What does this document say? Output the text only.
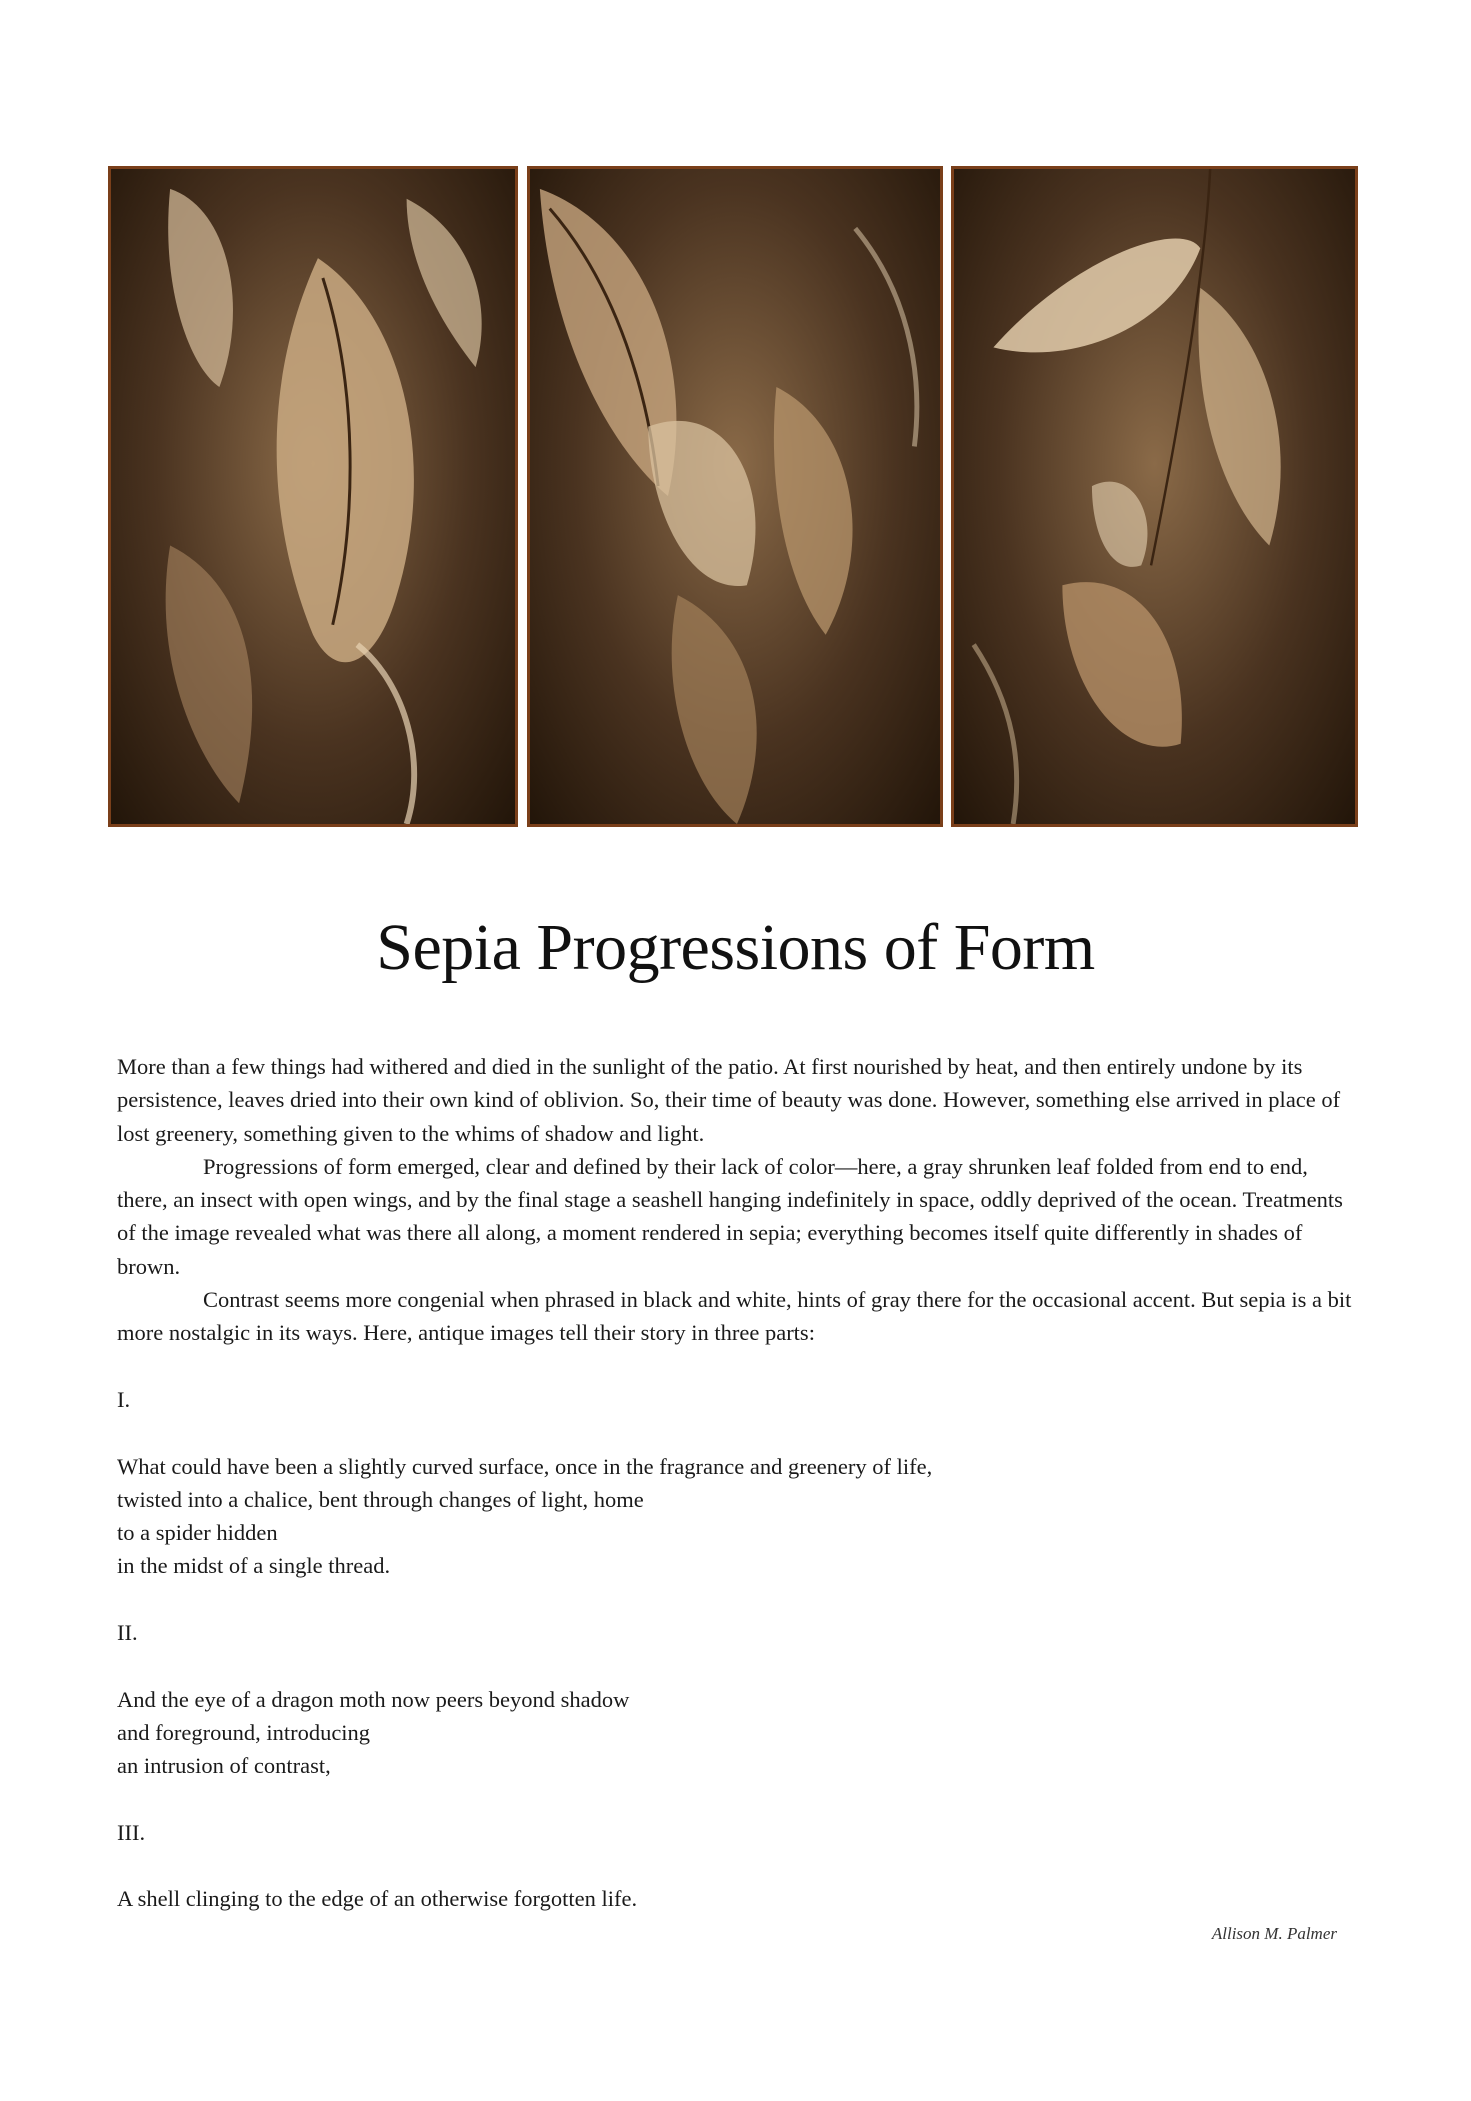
Sepia Progressions of Form

More than a few things had withered and died in the sunlight of the patio. At first nourished by heat, and then entirely undone by its persistence, leaves dried into their own kind of oblivion. So, their time of beauty was done. However, something else arrived in place of lost greenery, something given to the whims of shadow and light.

Progressions of form emerged, clear and defined by their lack of color—here, a gray shrunken leaf folded from end to end, there, an insect with open wings, and by the final stage a seashell hanging indefinitely in space, oddly deprived of the ocean. Treatments of the image revealed what was there all along, a moment rendered in sepia; everything becomes itself quite differently in shades of brown.

Contrast seems more congenial when phrased in black and white, hints of gray there for the occasional accent. But sepia is a bit more nostalgic in its ways. Here, antique images tell their story in three parts:

I.

What could have been a slightly curved surface, once in the fragrance and greenery of life,

twisted into a chalice, bent through changes of light, home

to a spider hidden

in the midst of a single thread.

II.

And the eye of a dragon moth now peers beyond shadow

and foreground, introducing

an intrusion of contrast,

III.

A shell clinging to the edge of an otherwise forgotten life.

Allison M. Palmer
